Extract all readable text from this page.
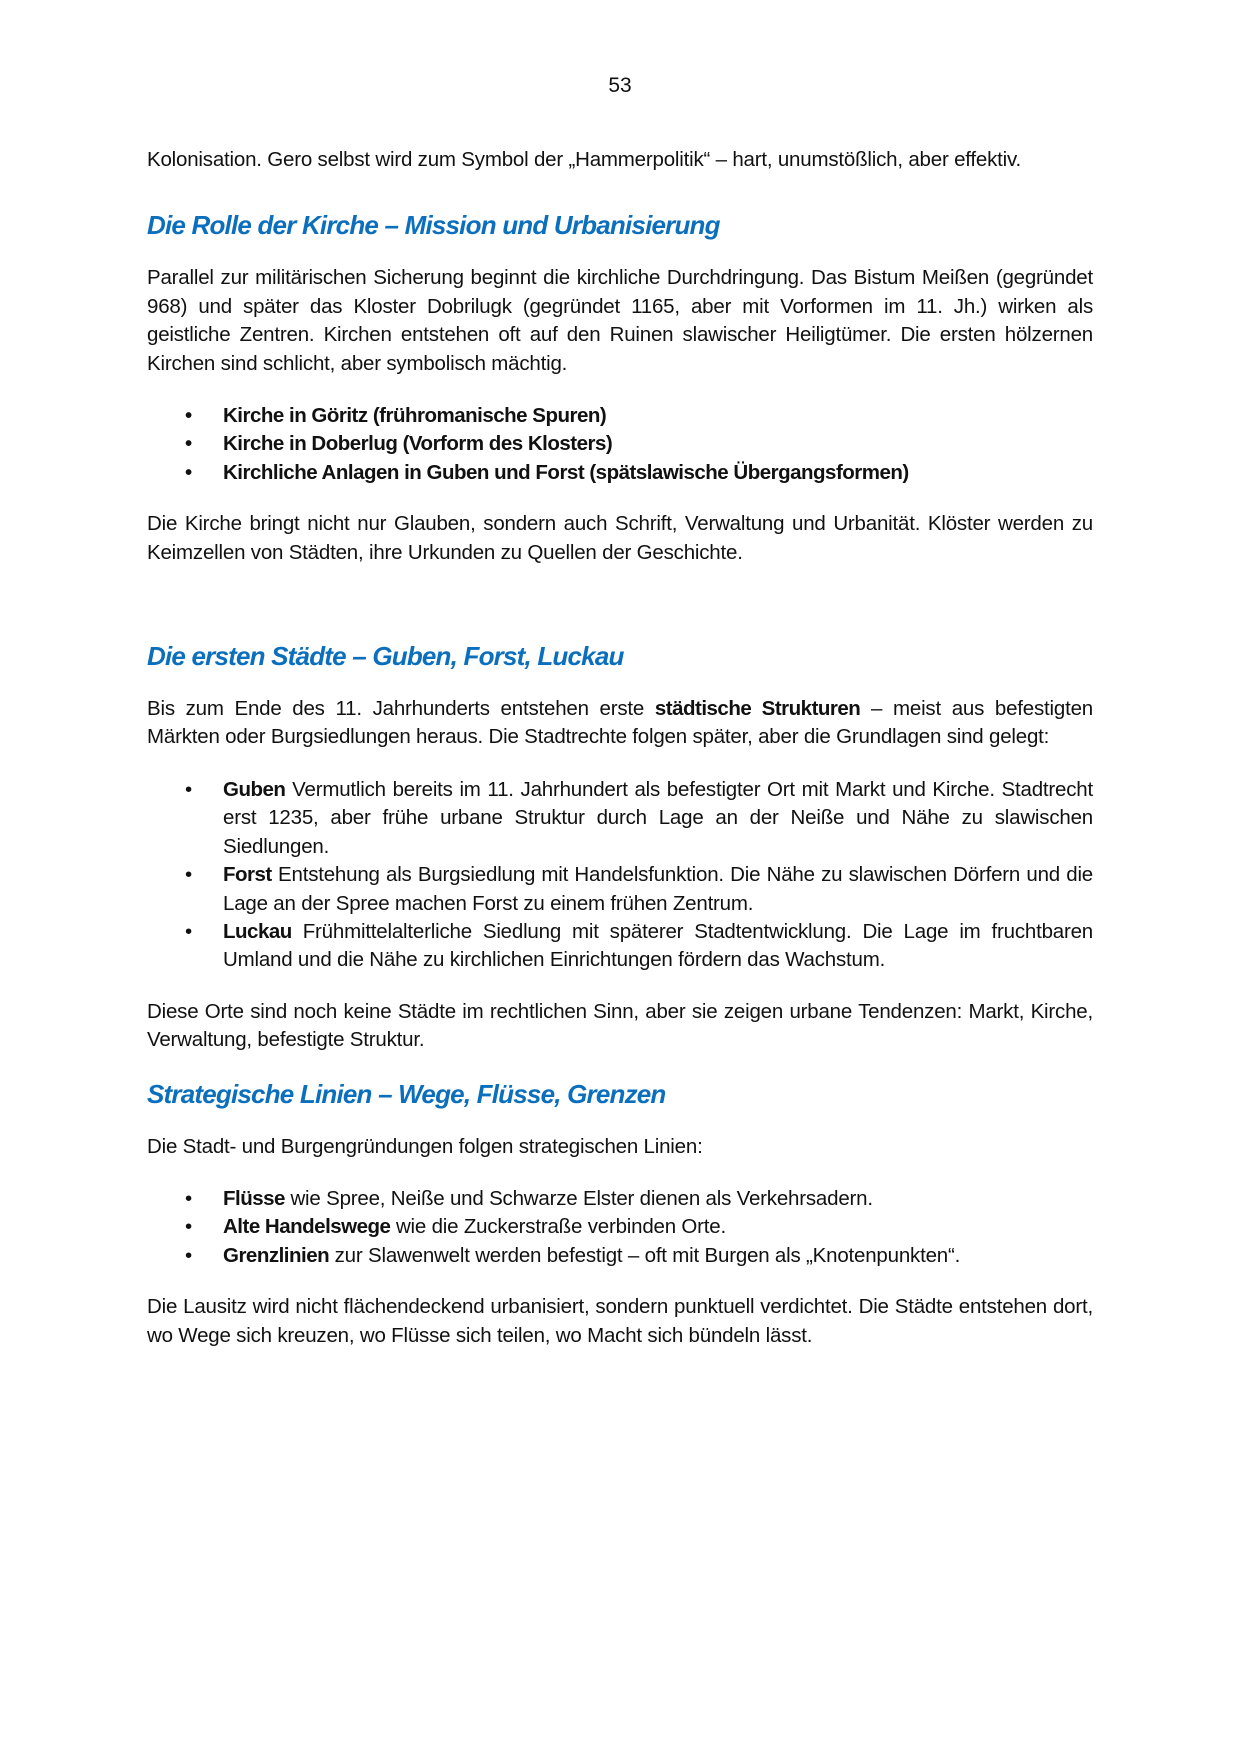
53

Kolonisation. Gero selbst wird zum Symbol der „Hammerpolitik“ – hart, unumstößlich, aber effektiv.

Die Rolle der Kirche – Mission und Urbanisierung

Parallel zur militärischen Sicherung beginnt die kirchliche Durchdringung. Das Bistum Meißen (gegründet 968) und später das Kloster Dobrilugk (gegründet 1165, aber mit Vorformen im 11. Jh.) wirken als geistliche Zentren. Kirchen entstehen oft auf den Ruinen slawischer Heiligtümer. Die ersten hölzernen Kirchen sind schlicht, aber symbolisch mächtig.

• Kirche in Göritz (frühromanische Spuren)
• Kirche in Doberlug (Vorform des Klosters)
• Kirchliche Anlagen in Guben und Forst (spätslawische Übergangsformen)

Die Kirche bringt nicht nur Glauben, sondern auch Schrift, Verwaltung und Urbanität. Klöster werden zu Keimzellen von Städten, ihre Urkunden zu Quellen der Geschichte.

Die ersten Städte – Guben, Forst, Luckau

Bis zum Ende des 11. Jahrhunderts entstehen erste städtische Strukturen – meist aus befestigten Märkten oder Burgsiedlungen heraus. Die Stadtrechte folgen später, aber die Grundlagen sind gelegt:

• Guben Vermutlich bereits im 11. Jahrhundert als befestigter Ort mit Markt und Kirche. Stadtrecht erst 1235, aber frühe urbane Struktur durch Lage an der Neiße und Nähe zu slawischen Siedlungen.
• Forst Entstehung als Burgsiedlung mit Handelsfunktion. Die Nähe zu slawischen Dörfern und die Lage an der Spree machen Forst zu einem frühen Zentrum.
• Luckau Frühmittelalterliche Siedlung mit späterer Stadtentwicklung. Die Lage im fruchtbaren Umland und die Nähe zu kirchlichen Einrichtungen fördern das Wachstum.

Diese Orte sind noch keine Städte im rechtlichen Sinn, aber sie zeigen urbane Tendenzen: Markt, Kirche, Verwaltung, befestigte Struktur.

Strategische Linien – Wege, Flüsse, Grenzen

Die Stadt- und Burgengründungen folgen strategischen Linien:

• Flüsse wie Spree, Neiße und Schwarze Elster dienen als Verkehrsadern.
• Alte Handelswege wie die Zuckerstraße verbinden Orte.
• Grenzlinien zur Slawenwelt werden befestigt – oft mit Burgen als „Knotenpunkten“.

Die Lausitz wird nicht flächendeckend urbanisiert, sondern punktuell verdichtet. Die Städte entstehen dort, wo Wege sich kreuzen, wo Flüsse sich teilen, wo Macht sich bündeln lässt.
